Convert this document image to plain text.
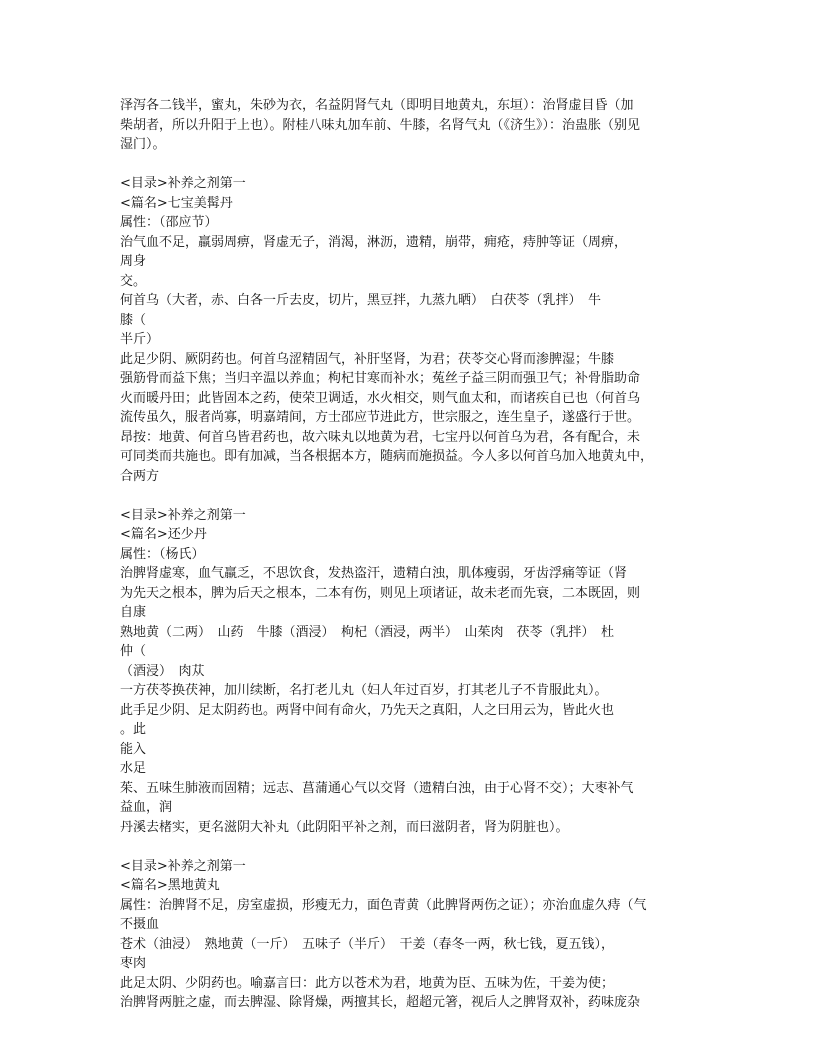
泽泻各二钱半，蜜丸，朱砂为衣，名益阴肾气丸（即明目地黄丸，东垣）：治肾虚目昏（加
柴胡者，所以升阳于上也）。附桂八味丸加车前、牛膝，名肾气丸（《济生》）：治蛊胀（别见
湿门）。
<目录>补养之剂第一
<篇名>七宝美髯丹
属性：（邵应节）
治气血不足，羸弱周痹，肾虚无子，消渴，淋沥，遗精，崩带，痈疮，痔肿等证（周痹，
周身
交。
何首乌（大者，赤、白各一斤去皮，切片，黑豆拌，九蒸九晒）　白茯苓（乳拌）　牛
膝（
半斤）
此足少阴、厥阴药也。何首乌涩精固气，补肝坚肾，为君；茯苓交心肾而渗脾湿；牛膝
强筋骨而益下焦；当归辛温以养血；枸杞甘寒而补水；菟丝子益三阴而强卫气；补骨脂助命
火而暖丹田；此皆固本之药，使荣卫调适，水火相交，则气血太和，而诸疾自已也（何首乌
流传虽久，服者尚寡，明嘉靖间，方士邵应节进此方，世宗服之，连生皇子，遂盛行于世。
昂按：地黄、何首乌皆君药也，故六味丸以地黄为君，七宝丹以何首乌为君，各有配合，未
可同类而共施也。即有加减，当各根据本方，随病而施损益。今人多以何首乌加入地黄丸中，
合两方
<目录>补养之剂第一
<篇名>还少丹
属性：（杨氏）
治脾肾虚寒，血气羸乏，不思饮食，发热盗汗，遗精白浊，肌体瘦弱，牙齿浮痛等证（肾
为先天之根本，脾为后天之根本，二本有伤，则见上项诸证，故未老而先衰，二本既固，则
自康
熟地黄（二两）　山药　牛膝（酒浸）　枸杞（酒浸，两半）　山茱肉　茯苓（乳拌）　杜
仲（
（酒浸）　肉苁
一方茯苓换茯神，加川续断，名打老儿丸（妇人年过百岁，打其老儿子不肯服此丸）。
此手足少阴、足太阴药也。两肾中间有命火，乃先天之真阳，人之曰用云为，皆此火也
。此
能入
水足
茱、五味生肺液而固精；远志、菖蒲通心气以交肾（遗精白浊，由于心肾不交）；大枣补气
益血，润
丹溪去楮实，更名滋阴大补丸（此阴阳平补之剂，而曰滋阴者，肾为阴脏也）。
<目录>补养之剂第一
<篇名>黑地黄丸
属性：治脾肾不足，房室虚损，形瘦无力，面色青黄（此脾肾两伤之证）；亦治血虚久痔（气
不摄血
苍术（油浸）　熟地黄（一斤）　五味子（半斤）　干姜（春冬一两，秋七钱，夏五钱），
枣肉
此足太阴、少阴药也。喻嘉言曰：此方以苍术为君，地黄为臣、五味为佐，干姜为使；
治脾肾两脏之虚，而去脾湿、除肾燥，两擅其长，超超元箸，视后人之脾肾双补，药味庞杂
